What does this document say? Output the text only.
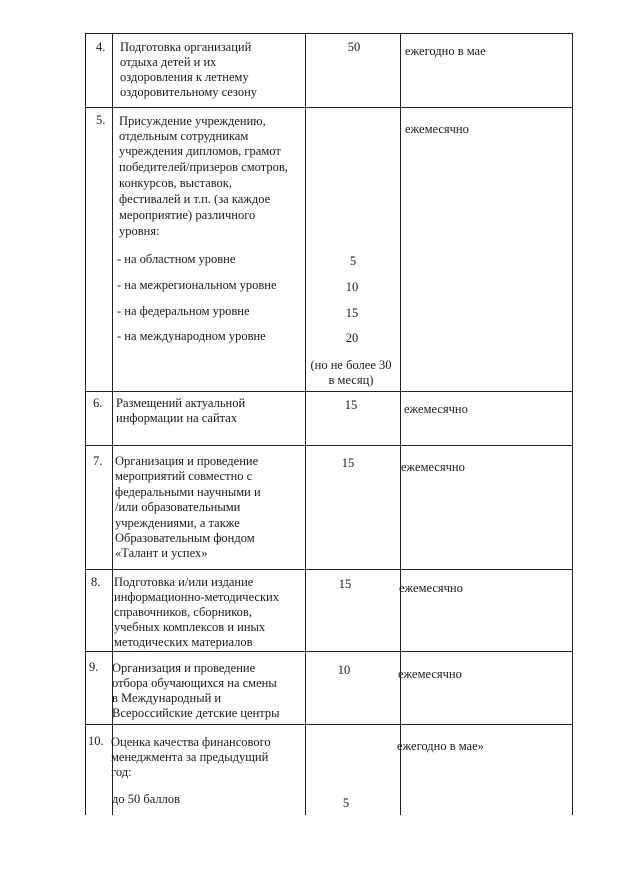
4. Подготовка организаций
отдыха детей и их
оздоровления к летнему
оздоровительному сезону
50	ежегодно в мае
5. Присуждение учреждению,
отдельным сотрудникам
учреждения дипломов, грамот
победителей/призеров смотров,
конкурсов, выставок,
фестивалей и т.п. (за каждое
мероприятие) различного
уровня:
- на областном уровне	5
- на межрегиональном уровне	10
- на федеральном уровне	15
- на международном уровне	20
(но не более 30
в месяц)
ежемесячно
6. Размещений актуальной
информации на сайтах
15	ежемесячно
7. Организация и проведение
мероприятий совместно с
федеральными научными и
/или образовательными
учреждениями, а также
Образовательным фондом
«Талант и успех»
15	ежемесячно
8. Подготовка и/или издание
информационно-методических
справочников, сборников,
учебных комплексов и иных
методических материалов
15	ежемесячно
9. Организация и проведение
отбора обучающихся на смены
в Международный и
Всероссийские детские центры
10	ежемесячно
10. Оценка качества финансового
менеджмента за предыдущий
год:
до 50 баллов	5
ежегодно в мае»
